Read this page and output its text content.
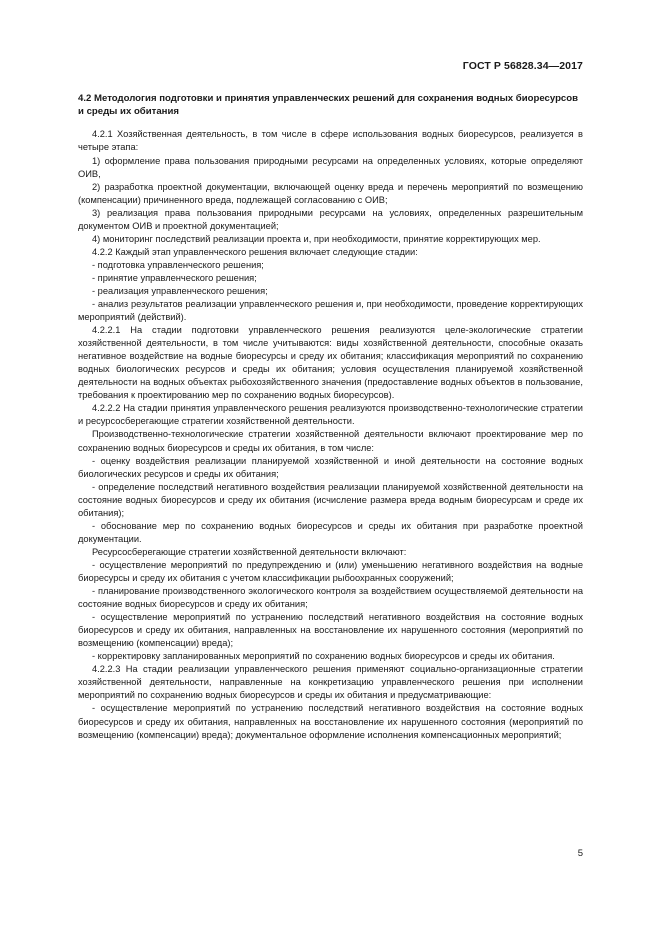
ГОСТ Р 56828.34—2017
4.2 Методология подготовки и принятия управленческих решений для сохранения водных биоресурсов и среды их обитания

4.2.1 Хозяйственная деятельность, в том числе в сфере использования водных биоресурсов, реализуется в четыре этапа:

1) оформление права пользования природными ресурсами на определенных условиях, которые определяют ОИВ,

2) разработка проектной документации, включающей оценку вреда и перечень мероприятий по возмещению (компенсации) причиненного вреда, подлежащей согласованию с ОИВ;

3) реализация права пользования природными ресурсами на условиях, определенных разрешительным документом ОИВ и проектной документацией;

4) мониторинг последствий реализации проекта и, при необходимости, принятие корректирующих мер.

4.2.2 Каждый этап управленческого решения включает следующие стадии:

- подготовка управленческого решения;

- принятие управленческого решения;

- реализация управленческого решения;

- анализ результатов реализации управленческого решения и, при необходимости, проведение корректирующих мероприятий (действий).

4.2.2.1 На стадии подготовки управленческого решения реализуются целе-экологические стратегии хозяйственной деятельности, в том числе учитываются: виды хозяйственной деятельности, способные оказать негативное воздействие на водные биоресурсы и среду их обитания; классификация мероприятий по сохранению водных биологических ресурсов и среды их обитания; условия осуществления планируемой хозяйственной деятельности на водных объектах рыбохозяйственного значения (предоставление водных объектов в пользование, требования к проектированию мер по сохранению водных биоресурсов).

4.2.2.2 На стадии принятия управленческого решения реализуются производственно-технологические стратегии и ресурсосберегающие стратегии хозяйственной деятельности.

Производственно-технологические стратегии хозяйственной деятельности включают проектирование мер по сохранению водных биоресурсов и среды их обитания, в том числе:

- оценку воздействия реализации планируемой хозяйственной и иной деятельности на состояние водных биологических ресурсов и среды их обитания;

- определение последствий негативного воздействия реализации планируемой хозяйственной деятельности на состояние водных биоресурсов и среду их обитания (исчисление размера вреда водным биоресурсам и среде их обитания);

- обоснование мер по сохранению водных биоресурсов и среды их обитания при разработке проектной документации.

Ресурсосберегающие стратегии хозяйственной деятельности включают:

- осуществление мероприятий по предупреждению и (или) уменьшению негативного воздействия на водные биоресурсы и среду их обитания с учетом классификации рыбоохранных сооружений;

- планирование производственного экологического контроля за воздействием осуществляемой деятельности на состояние водных биоресурсов и среду их обитания;

- осуществление мероприятий по устранению последствий негативного воздействия на состояние водных биоресурсов и среду их обитания, направленных на восстановление их нарушенного состояния (мероприятий по возмещению (компенсации) вреда);

- корректировку запланированных мероприятий по сохранению водных биоресурсов и среды их обитания.

4.2.2.3 На стадии реализации управленческого решения применяют социально-организационные стратегии хозяйственной деятельности, направленные на конкретизацию управленческого решения при исполнении мероприятий по сохранению водных биоресурсов и среды их обитания и предусматривающие:

- осуществление мероприятий по устранению последствий негативного воздействия на состояние водных биоресурсов и среду их обитания, направленных на восстановление их нарушенного состояния (мероприятий по возмещению (компенсации) вреда); документальное оформление исполнения компенсационных мероприятий;

5
